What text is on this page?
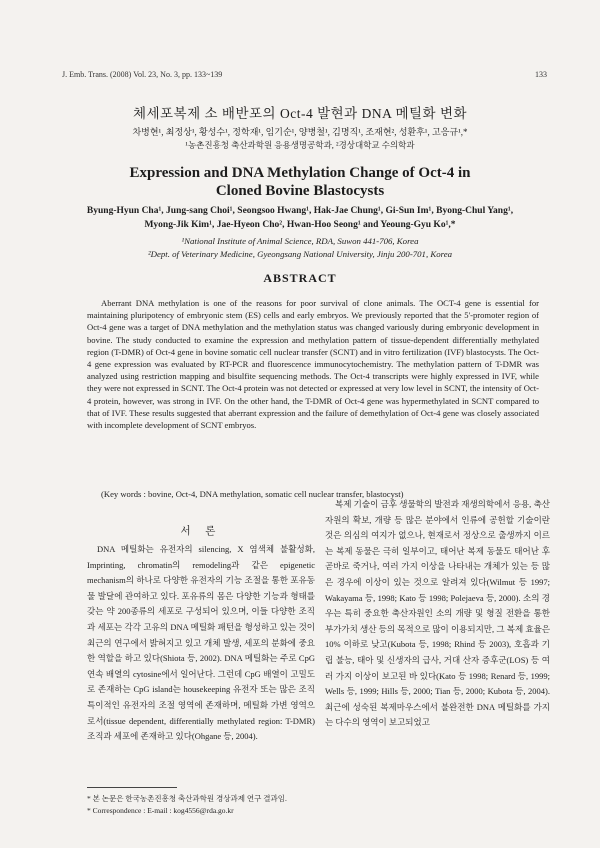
J. Emb. Trans. (2008) Vol. 23, No. 3, pp. 133~139	133
체세포복제 소 배반포의 Oct-4 발현과 DNA 메틸화 변화
차병현¹, 최정상¹, 황성수¹, 정학재¹, 임기순¹, 양병철¹, 김명직¹, 조재현², 성환후¹, 고응규¹,*
¹농촌진흥청 축산과학원 응용생명공학과, ²경상대학교 수의학과
Expression and DNA Methylation Change of Oct-4 in
Cloned Bovine Blastocysts
Byung-Hyun Cha¹, Jung-sang Choi¹, Seongsoo Hwang¹, Hak-Jae Chung¹, Gi-Sun Im¹, Byong-Chul Yang¹,
Myong-Jik Kim¹, Jae-Hyeon Cho², Hwan-Hoo Seong¹ and Yeoung-Gyu Ko¹,*
¹National Institute of Animal Science, RDA, Suwon 441-706, Korea
²Dept. of Veterinary Medicine, Gyeongsang National University, Jinju 200-701, Korea
ABSTRACT
Aberrant DNA methylation is one of the reasons for poor survival of clone animals. The OCT-4 gene is essential for maintaining pluripotency of embryonic stem (ES) cells and early embryos. We previously reported that the 5'-promoter region of Oct-4 gene was a target of DNA methylation and the methylation status was changed variously during embryonic development in bovine. The study conducted to examine the expression and methylation pattern of tissue-dependent differentially methylated region (T-DMR) of Oct-4 gene in bovine somatic cell nuclear transfer (SCNT) and in vitro fertilization (IVF) blastocysts. The Oct-4 gene expression was evaluated by RT-PCR and fluorescence immunocytochemistry. The methylation pattern of T-DMR was analyzed using restriction mapping and bisulfite sequencing methods. The Oct-4 transcripts were highly expressed in IVF, while they were not expressed in SCNT. The Oct-4 protein was not detected or expressed at very low level in SCNT, the intensity of Oct-4 protein, however, was strong in IVF. On the other hand, the T-DMR of Oct-4 gene was hypermethylated in SCNT compared to that of IVF. These results suggested that aberrant expression and the failure of demethylation of Oct-4 gene was closely associated with incomplete development of SCNT embryos.
(Key words : bovine, Oct-4, DNA methylation, somatic cell nuclear transfer, blastocyst)
서 론

DNA 메틸화는 유전자의 silencing, X 염색체 불활성화, Imprinting, chromatin의 remodeling과 같은 epigenetic mechanism의 하나로 다양한 유전자의 기능 조절을 통한 포유동물 발달에 관여하고 있다. 포유류의 몸은 다양한 기능과 형태를 갖는 약 200종류의 세포로 구성되어 있으며, 이들 다양한 조직과 세포는 각각 고유의 DNA 메틸화 패턴을 형성하고 있는 것이 최근의 연구에서 밝혀지고 있고 개체 발생, 세포의 분화에 중요한 역할을 하고 있다(Shiota 등, 2002). DNA 메틸화는 주로 CpG 연속 배열의 cytosine에서 일어난다. 그런데 CpG 배열이 고밀도로 존재하는 CpG island는 housekeeping 유전자 또는 많은 조직특이적인 유전자의 조절 영역에 존재하며, 메틸화 가변 영역으로서(tissue dependent, differentially methylated region: T-DMR) 조직과 세포에 존재하고 있다(Ohgane 등, 2004).

복제 기술이 금후 생물학의 발전과 재생의학에서 응용, 축산자원의 확보, 개량 등 많은 분야에서 인류에 공헌할 기술이란 것은 의심의 여지가 없으나, 현재로서 정상으로 출생까지 이르는 복제 동물은 극히 일부이고, 태어난 복제 동물도 태어난 후 곧바로 죽거나, 여러 가지 이상을 나타내는 개체가 있는 등 많은 경우에 이상이 있는 것으로 알려져 있다(Wilmut 등 1997; Wakayama 등, 1998; Kato 등 1998; Polejaeva 등, 2000). 소의 경우는 특히 중요한 축산자원인 소의 개량 및 형질 전환을 통한 부가가치 생산 등의 목적으로 많이 이용되지만, 그 복제 효율은 10% 이하로 낮고(Kubota 등, 1998; Rhind 등 2003), 호흡과 기립 불능, 태아 및 신생자의 급사, 거대 산자 증후군(LOS) 등 여러 가지 이상이 보고된 바 있다(Kato 등 1998; Renard 등, 1999; Wells 등, 1999; Hills 등, 2000; Tian 등, 2000; Kubota 등, 2004). 최근에 성숙된 복제마우스에서 불완전한 DNA 메틸화를 가지는 다수의 영역이 보고되었고
* 본 논문은 한국농촌진흥청 축산과학원 경상과제 연구 결과임.
* Correspondence : E-mail : kog4556@rda.go.kr
